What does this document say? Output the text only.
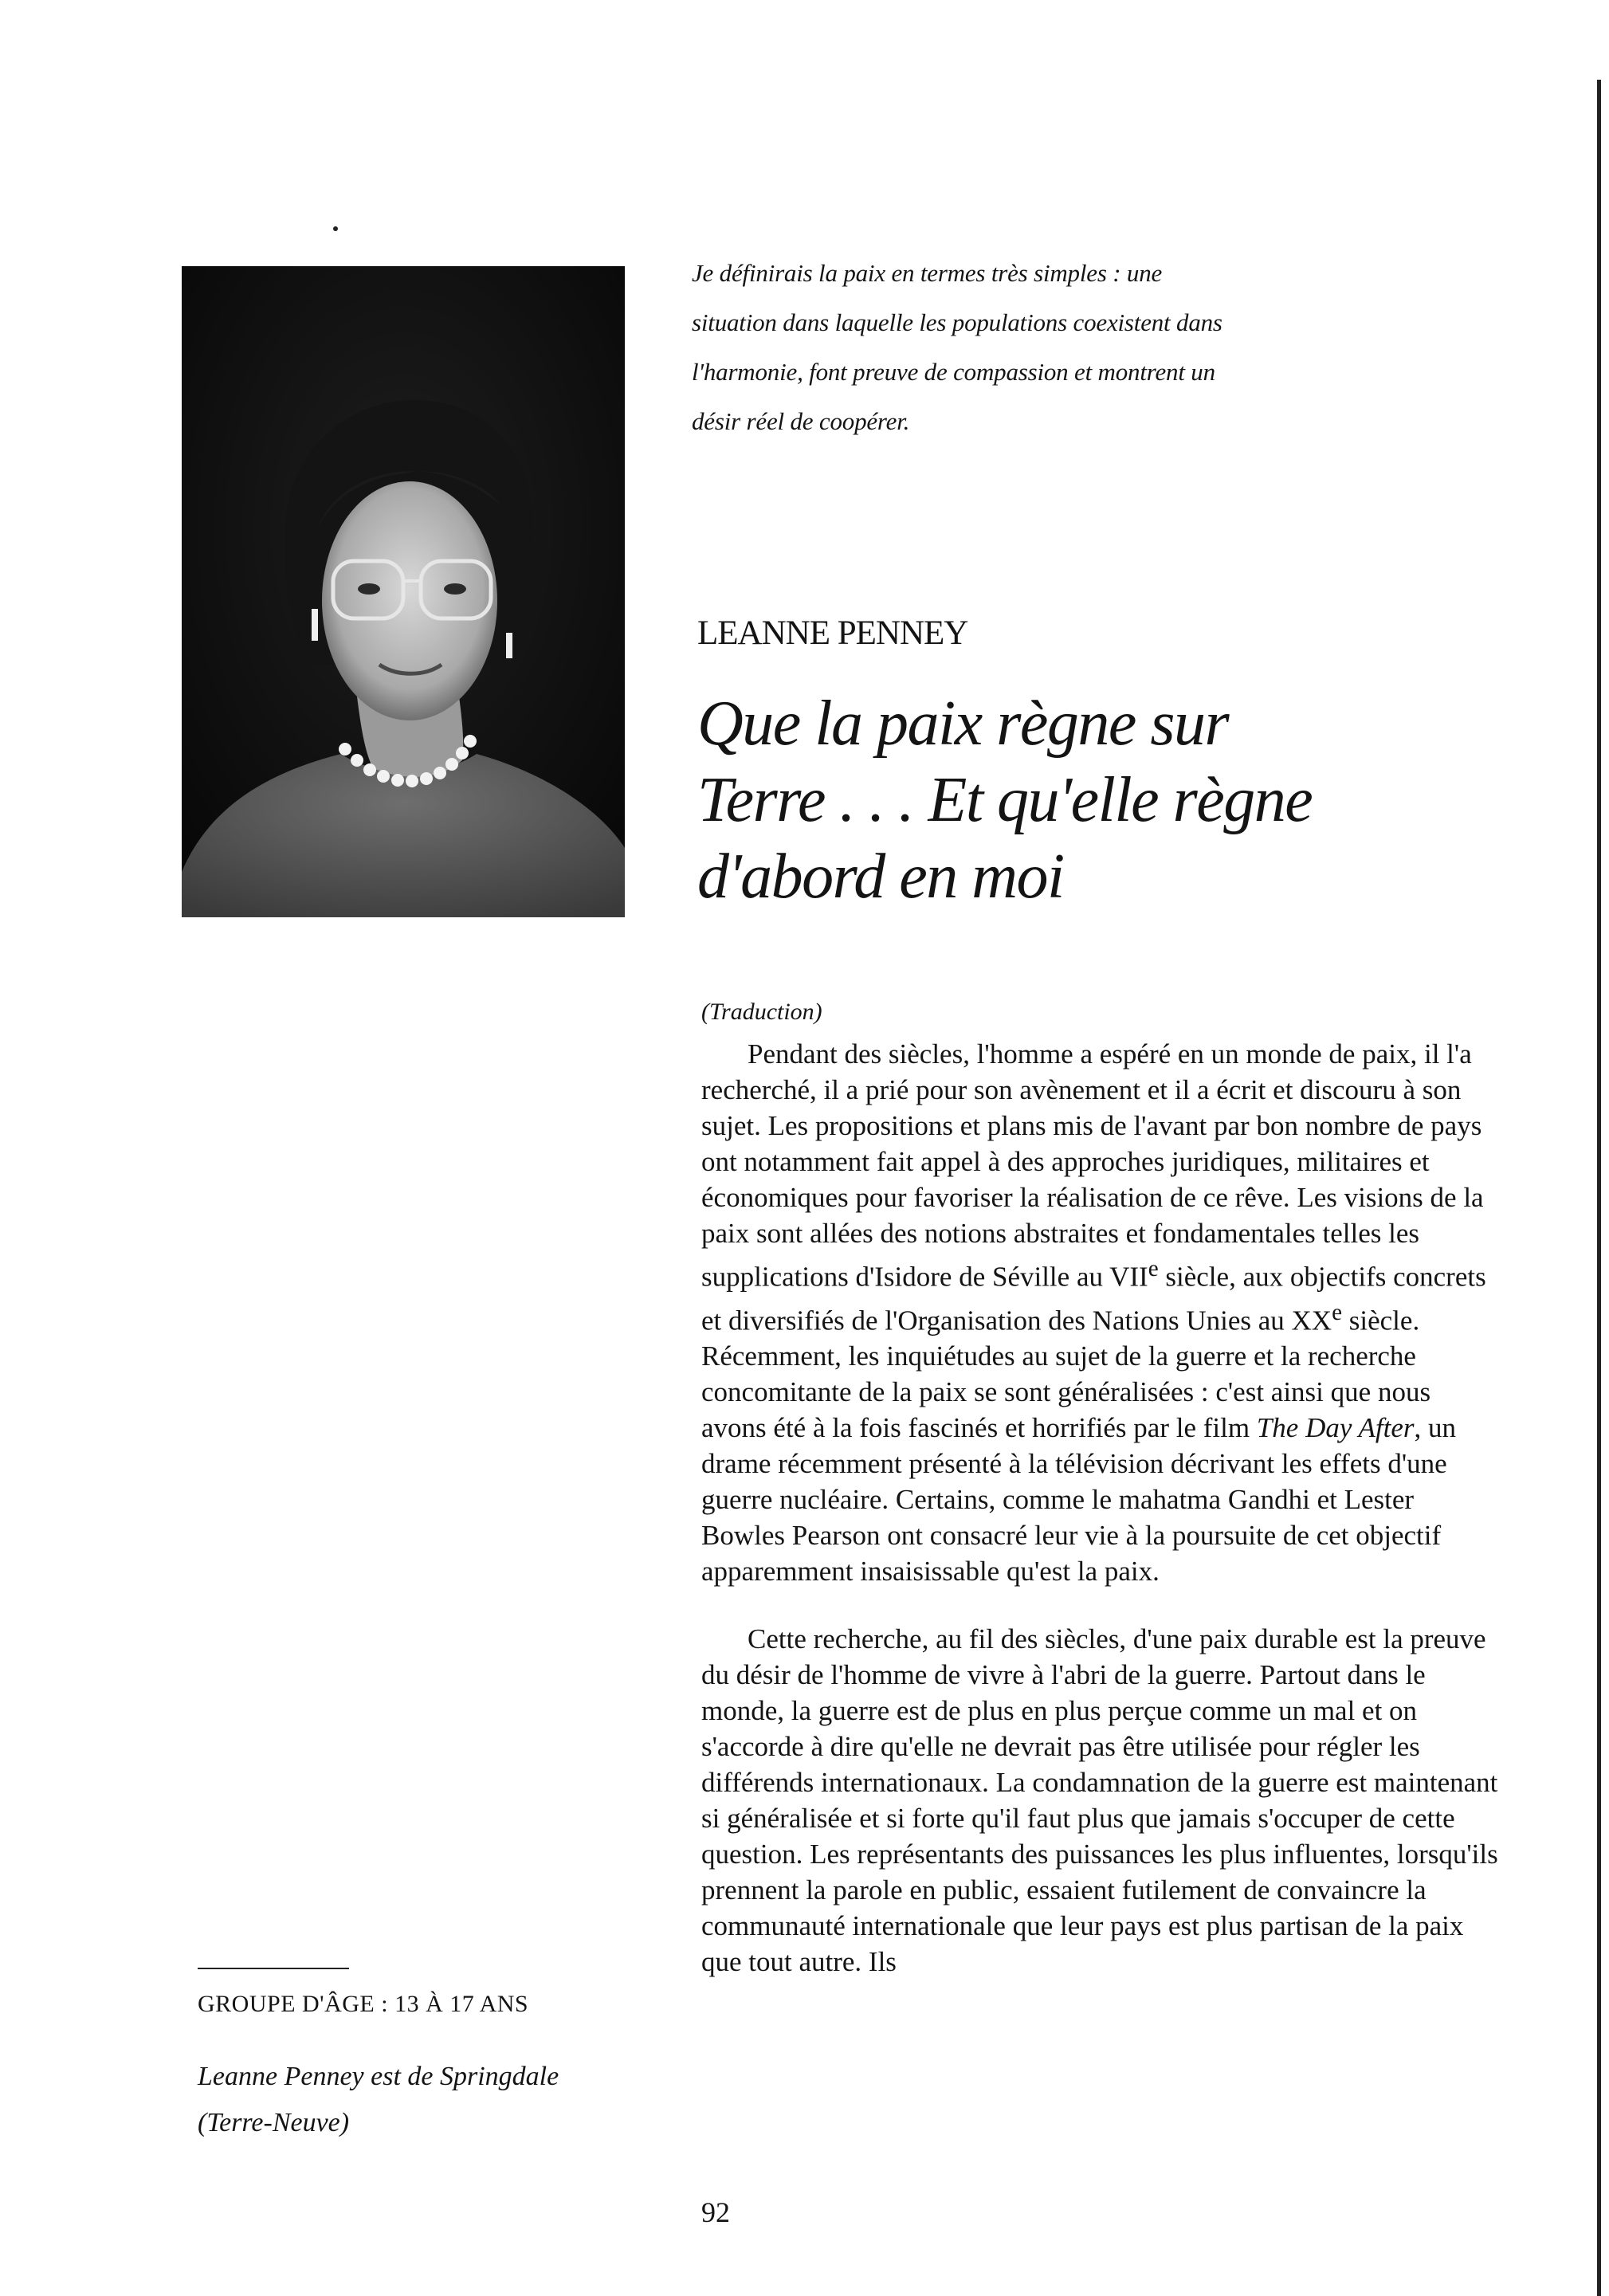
Je définirais la paix en termes très simples : une
situation dans laquelle les populations coexistent dans
l'harmonie, font preuve de compassion et montrent un
désir réel de coopérer.
LEANNE PENNEY
Que la paix règne sur
Terre . . . Et qu'elle règne
d'abord en moi
(Traduction)

Pendant des siècles, l'homme a espéré en un monde de paix, il l'a recherché, il a prié pour son avènement et il a écrit et discouru à son sujet. Les propositions et plans mis de l'avant par bon nombre de pays ont notamment fait appel à des approches juridiques, militaires et économiques pour favoriser la réalisation de ce rêve. Les visions de la paix sont allées des notions abstraites et fondamentales telles les supplications d'Isidore de Séville au VIIe siècle, aux objectifs concrets et diversifiés de l'Organisation des Nations Unies au XXe siècle. Récemment, les inquiétudes au sujet de la guerre et la recherche concomitante de la paix se sont généralisées : c'est ainsi que nous avons été à la fois fascinés et horrifiés par le film The Day After, un drame récemment présenté à la télévision décrivant les effets d'une guerre nucléaire. Certains, comme le mahatma Gandhi et Lester Bowles Pearson ont consacré leur vie à la poursuite de cet objectif apparemment insaisissable qu'est la paix.

Cette recherche, au fil des siècles, d'une paix durable est la preuve du désir de l'homme de vivre à l'abri de la guerre. Partout dans le monde, la guerre est de plus en plus perçue comme un mal et on s'accorde à dire qu'elle ne devrait pas être utilisée pour régler les différends internationaux. La condamnation de la guerre est maintenant si généralisée et si forte qu'il faut plus que jamais s'occuper de cette question. Les représentants des puissances les plus influentes, lorsqu'ils prennent la parole en public, essaient futilement de convaincre la communauté internationale que leur pays est plus partisan de la paix que tout autre. Ils

GROUPE D'ÂGE : 13 À 17 ANS
Leanne Penney est de Springdale
(Terre-Neuve)
92
